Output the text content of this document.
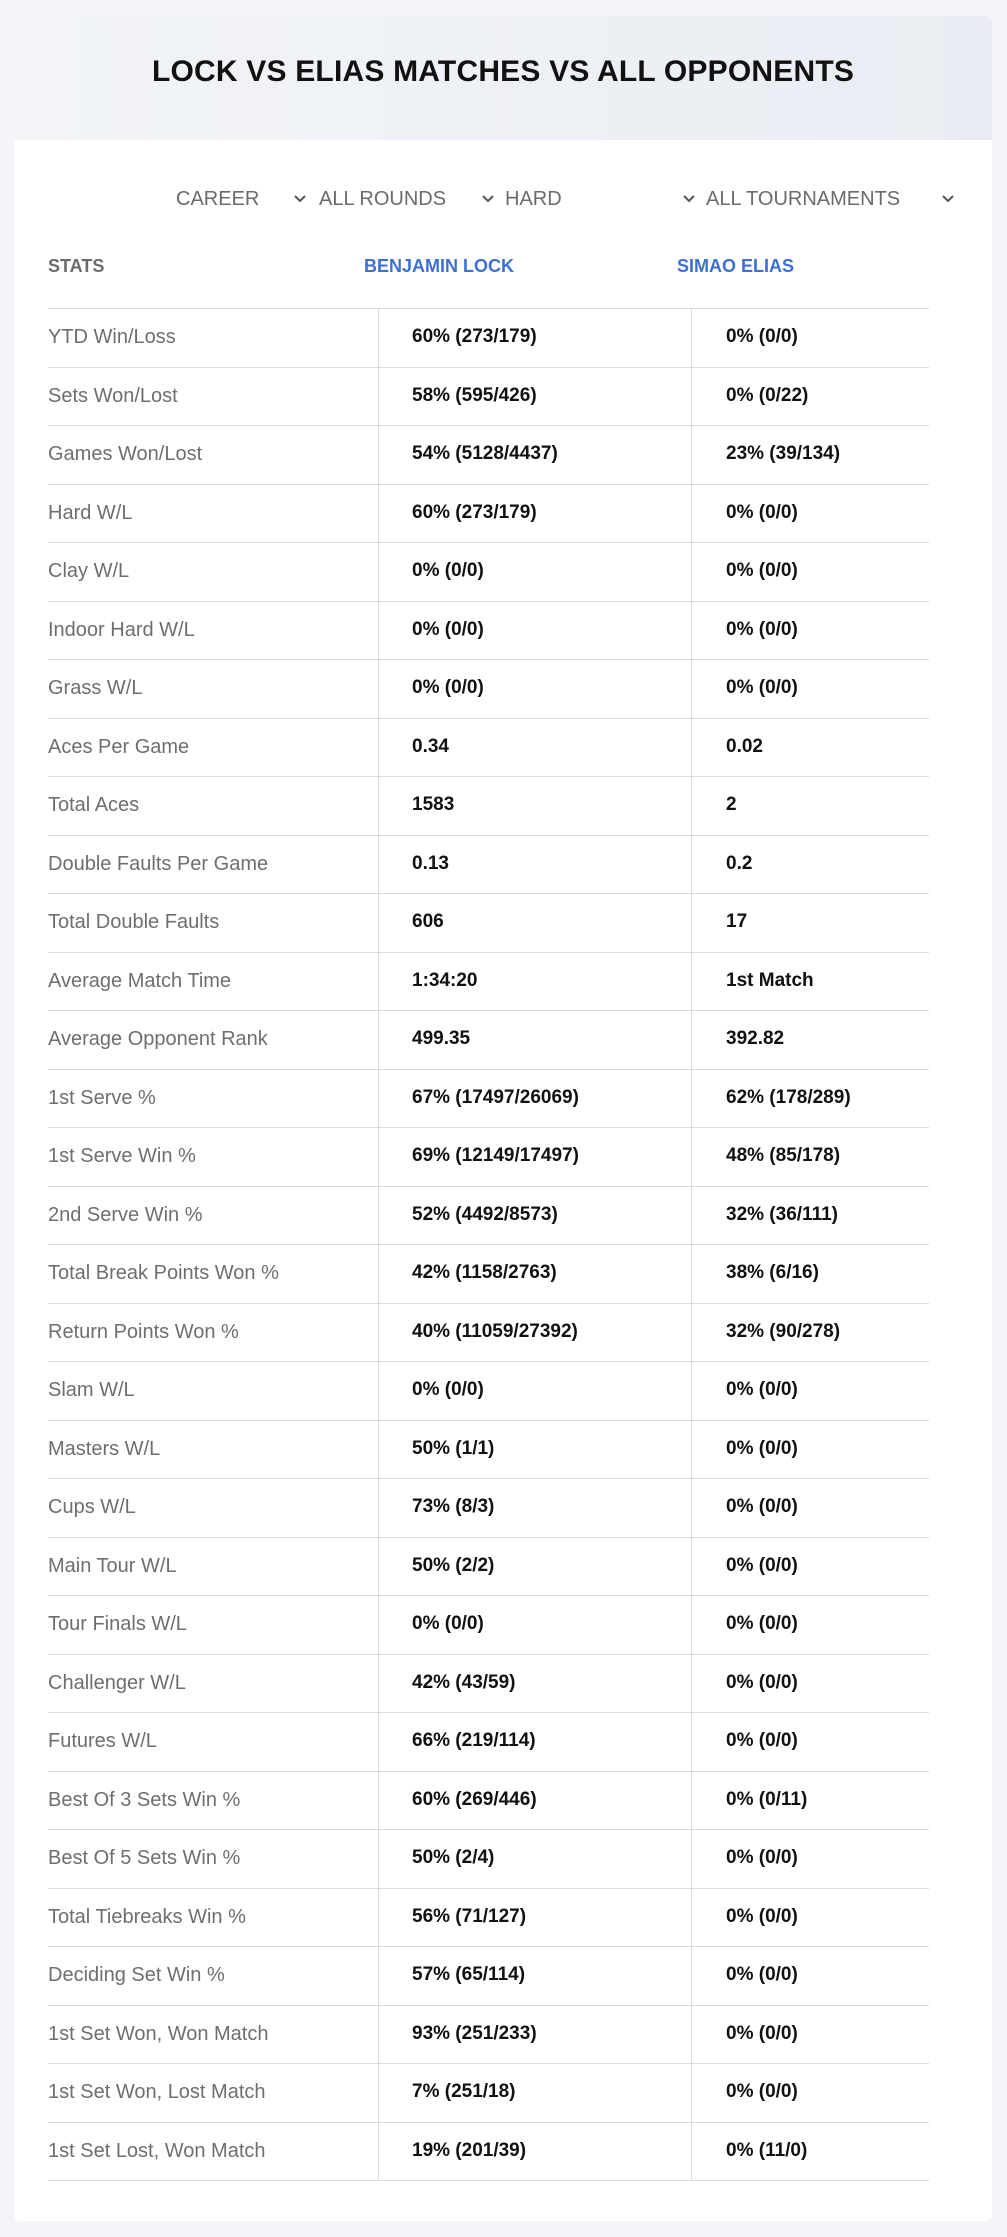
LOCK VS ELIAS MATCHES VS ALL OPPONENTS
CAREER	ALL ROUNDS	HARD	ALL TOURNAMENTS
STATS	BENJAMIN LOCK	SIMAO ELIAS
YTD Win/Loss	60% (273/179)	0% (0/0)
Sets Won/Lost	58% (595/426)	0% (0/22)
Games Won/Lost	54% (5128/4437)	23% (39/134)
Hard W/L	60% (273/179)	0% (0/0)
Clay W/L	0% (0/0)	0% (0/0)
Indoor Hard W/L	0% (0/0)	0% (0/0)
Grass W/L	0% (0/0)	0% (0/0)
Aces Per Game	0.34	0.02
Total Aces	1583	2
Double Faults Per Game	0.13	0.2
Total Double Faults	606	17
Average Match Time	1:34:20	1st Match
Average Opponent Rank	499.35	392.82
1st Serve %	67% (17497/26069)	62% (178/289)
1st Serve Win %	69% (12149/17497)	48% (85/178)
2nd Serve Win %	52% (4492/8573)	32% (36/111)
Total Break Points Won %	42% (1158/2763)	38% (6/16)
Return Points Won %	40% (11059/27392)	32% (90/278)
Slam W/L	0% (0/0)	0% (0/0)
Masters W/L	50% (1/1)	0% (0/0)
Cups W/L	73% (8/3)	0% (0/0)
Main Tour W/L	50% (2/2)	0% (0/0)
Tour Finals W/L	0% (0/0)	0% (0/0)
Challenger W/L	42% (43/59)	0% (0/0)
Futures W/L	66% (219/114)	0% (0/0)
Best Of 3 Sets Win %	60% (269/446)	0% (0/11)
Best Of 5 Sets Win %	50% (2/4)	0% (0/0)
Total Tiebreaks Win %	56% (71/127)	0% (0/0)
Deciding Set Win %	57% (65/114)	0% (0/0)
1st Set Won, Won Match	93% (251/233)	0% (0/0)
1st Set Won, Lost Match	7% (251/18)	0% (0/0)
1st Set Lost, Won Match	19% (201/39)	0% (11/0)
